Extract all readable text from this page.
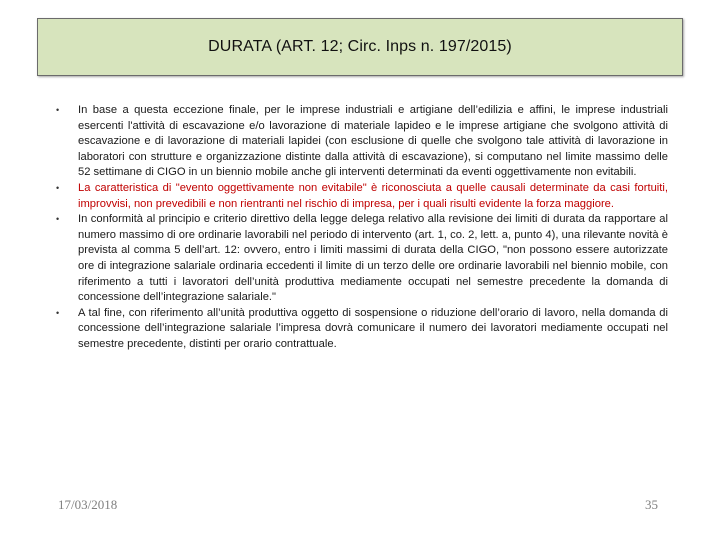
DURATA (ART. 12; Circ. Inps n. 197/2015)
• In base a questa eccezione finale, per le imprese industriali e artigiane dell’edilizia e affini, le imprese industriali esercenti l'attività di escavazione e/o lavorazione di materiale lapideo e le imprese artigiane che svolgono attività di escavazione e di lavorazione di materiali lapidei (con esclusione di quelle che svolgono tale attività di lavorazione in laboratori con strutture e organizzazione distinte dalla attività di escavazione), si computano nel limite massimo delle 52 settimane di CIGO in un biennio mobile anche gli interventi determinati da eventi oggettivamente non evitabili.
• La caratteristica di "evento oggettivamente non evitabile" è riconosciuta a quelle causali determinate da casi fortuiti, improvvisi, non prevedibili e non rientranti nel rischio di impresa, per i quali risulti evidente la forza maggiore.
• In conformità al principio e criterio direttivo della legge delega relativo alla revisione dei limiti di durata da rapportare al numero massimo di ore ordinarie lavorabili nel periodo di intervento (art. 1, co. 2, lett. a, punto 4), una rilevante novità è prevista al comma 5 dell’art. 12: ovvero, entro i limiti massimi di durata della CIGO, "non possono essere autorizzate ore di integrazione salariale ordinaria eccedenti il limite di un terzo delle ore ordinarie lavorabili nel biennio mobile, con riferimento a tutti i lavoratori dell’unità produttiva mediamente occupati nel semestre precedente la domanda di concessione dell’integrazione salariale."
• A tal fine, con riferimento all’unità produttiva oggetto di sospensione o riduzione dell’orario di lavoro, nella domanda di concessione dell’integrazione salariale l’impresa dovrà comunicare il numero dei lavoratori mediamente occupati nel semestre precedente, distinti per orario contrattuale.
17/03/2018	35
